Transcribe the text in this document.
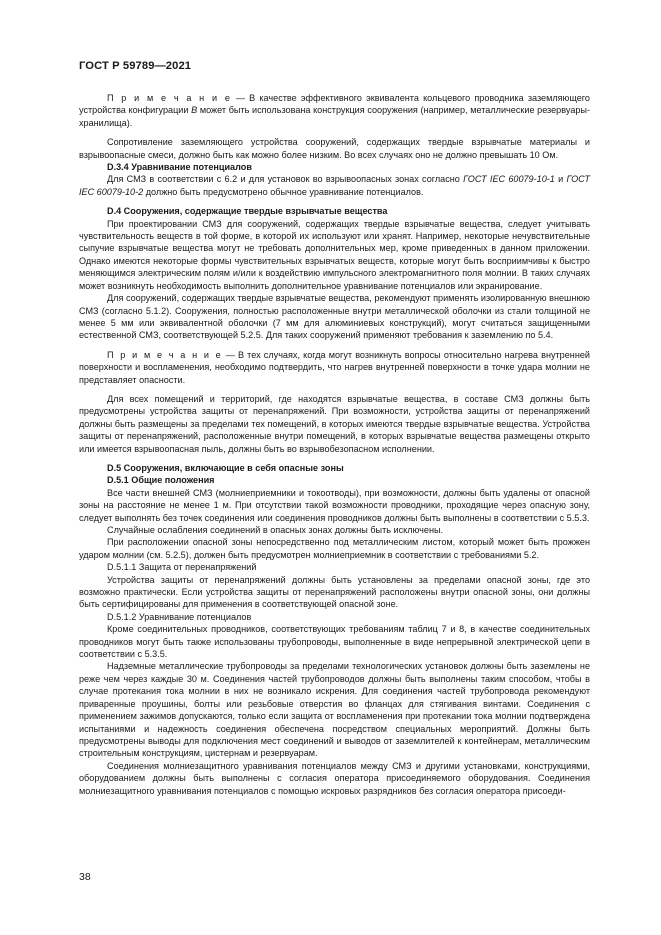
ГОСТ Р 59789—2021

П р и м е ч а н и е — В качестве эффективного эквивалента кольцевого проводника заземляющего устройства конфигурации В может быть использована конструкция сооружения (например, металлические резервуары-хранилища).

Сопротивление заземляющего устройства сооружений, содержащих твердые взрывчатые материалы и взрывоопасные смеси, должно быть как можно более низким. Во всех случаях оно не должно превышать 10 Ом.

D.3.4 Уравнивание потенциалов

Для СМЗ в соответствии с 6.2 и для установок во взрывоопасных зонах согласно ГОСТ IEC 60079-10-1 и ГОСТ IEC 60079-10-2 должно быть предусмотрено обычное уравнивание потенциалов.

D.4 Сооружения, содержащие твердые взрывчатые вещества

При проектировании СМЗ для сооружений, содержащих твердые взрывчатые вещества, следует учитывать чувствительность веществ в той форме, в которой их используют или хранят. Например, некоторые нечувствительные сыпучие взрывчатые вещества могут не требовать дополнительных мер, кроме приведенных в данном приложении. Однако имеются некоторые формы чувствительных взрывчатых веществ, которые могут быть восприимчивы к быстро меняющимся электрическим полям и/или к воздействию импульсного электромагнитного поля молнии. В таких случаях может возникнуть необходимость выполнить дополнительное уравнивание потенциалов или экранирование.

Для сооружений, содержащих твердые взрывчатые вещества, рекомендуют применять изолированную внешнюю СМЗ (согласно 5.1.2). Сооружения, полностью расположенные внутри металлической оболочки из стали толщиной не менее 5 мм или эквивалентной оболочки (7 мм для алюминиевых конструкций), могут считаться защищенными естественной СМЗ, соответствующей 5.2.5. Для таких сооружений применяют требования к заземлению по 5.4.

П р и м е ч а н и е — В тех случаях, когда могут возникнуть вопросы относительно нагрева внутренней поверхности и воспламенения, необходимо подтвердить, что нагрев внутренней поверхности в точке удара молнии не представляет опасности.

Для всех помещений и территорий, где находятся взрывчатые вещества, в составе СМЗ должны быть предусмотрены устройства защиты от перенапряжений. При возможности, устройства защиты от перенапряжений должны быть размещены за пределами тех помещений, в которых имеются твердые взрывчатые вещества. Устройства защиты от перенапряжений, расположенные внутри помещений, в которых взрывчатые вещества размещены открыто или имеется взрывоопасная пыль, должны быть во взрывобезопасном исполнении.

D.5 Сооружения, включающие в себя опасные зоны

D.5.1 Общие положения

Все части внешней СМЗ (молниеприемники и токоотводы), при возможности, должны быть удалены от опасной зоны на расстояние не менее 1 м. При отсутствии такой возможности проводники, проходящие через опасную зону, следует выполнять без точек соединения или соединения проводников должны быть выполнены в соответствии с 5.5.3.

Случайные ослабления соединений в опасных зонах должны быть исключены.

При расположении опасной зоны непосредственно под металлическим листом, который может быть прожжен ударом молнии (см. 5.2.5), должен быть предусмотрен молниеприемник в соответствии с требованиями 5.2.

D.5.1.1 Защита от перенапряжений

Устройства защиты от перенапряжений должны быть установлены за пределами опасной зоны, где это возможно практически. Если устройства защиты от перенапряжений расположены внутри опасной зоны, они должны быть сертифицированы для применения в соответствующей опасной зоне.

D.5.1.2 Уравнивание потенциалов

Кроме соединительных проводников, соответствующих требованиям таблиц 7 и 8, в качестве соединительных проводников могут быть также использованы трубопроводы, выполненные в виде непрерывной электрической цепи в соответствии с 5.3.5.

Надземные металлические трубопроводы за пределами технологических установок должны быть заземлены не реже чем через каждые 30 м. Соединения частей трубопроводов должны быть выполнены таким способом, чтобы в случае протекания тока молнии в них не возникало искрения. Для соединения частей трубопровода рекомендуют приваренные проушины, болты или резьбовые отверстия во фланцах для стягивания винтами. Соединения с применением зажимов допускаются, только если защита от воспламенения при протекании тока молнии подтверждена испытаниями и надежность соединения обеспечена посредством специальных мероприятий. Должны быть предусмотрены выводы для подключения мест соединений и выводов от заземлителей к контейнерам, металлическим строительным конструкциям, цистернам и резервуарам.

Соединения молниезащитного уравнивания потенциалов между СМЗ и другими установками, конструкциями, оборудованием должны быть выполнены с согласия оператора присоединяемого оборудования. Соединения молниезащитного уравнивания потенциалов с помощью искровых разрядников без согласия оператора присоеди-

38
